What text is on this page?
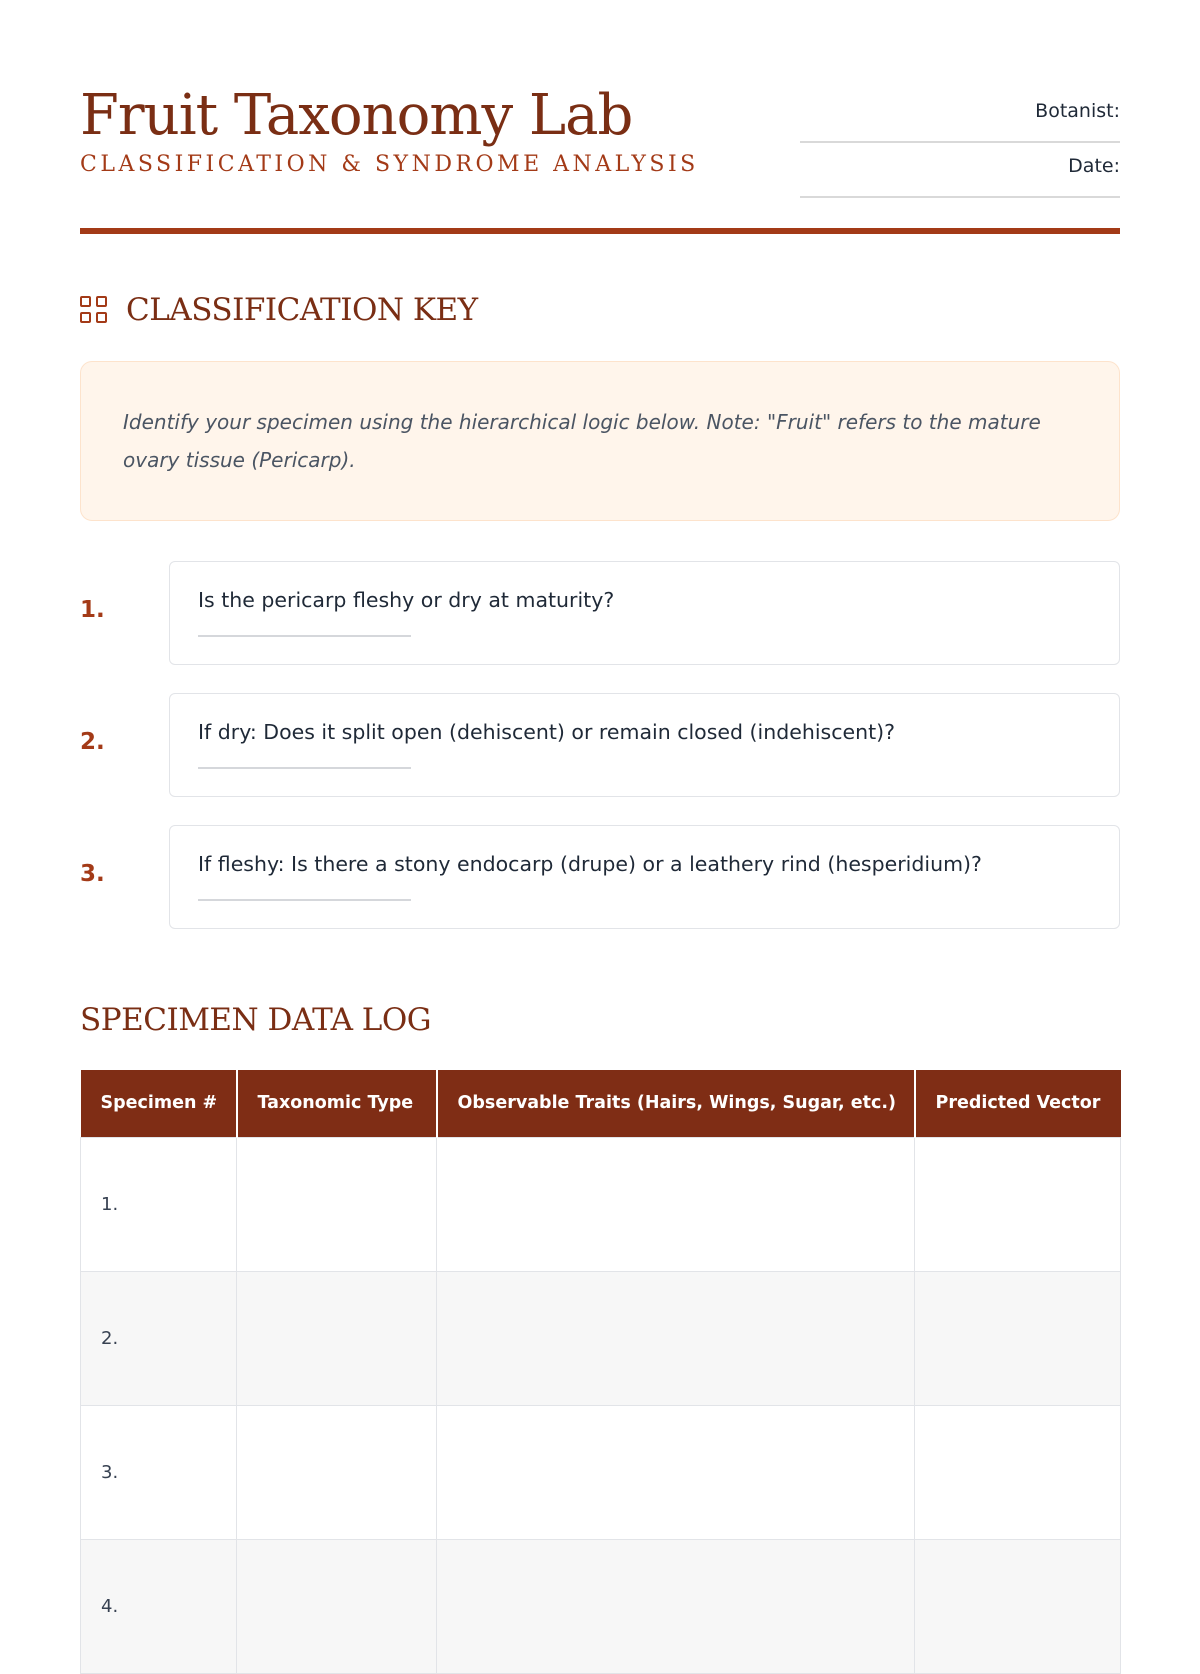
Fruit Taxonomy Lab
CLASSIFICATION & SYNDROME ANALYSIS
Botanist:
Date:
CLASSIFICATION KEY
Identify your specimen using the hierarchical logic below. Note: "Fruit" refers to the mature ovary tissue (Pericarp).
1.	Is the pericarp fleshy or dry at maturity?
2.	If dry: Does it split open (dehiscent) or remain closed (indehiscent)?
3.	If fleshy: Is there a stony endocarp (drupe) or a leathery rind (hesperidium)?
SPECIMEN DATA LOG
Specimen #	Taxonomic Type	Observable Traits (Hairs, Wings, Sugar, etc.)	Predicted Vector
1.			
2.			
3.			
4.			
